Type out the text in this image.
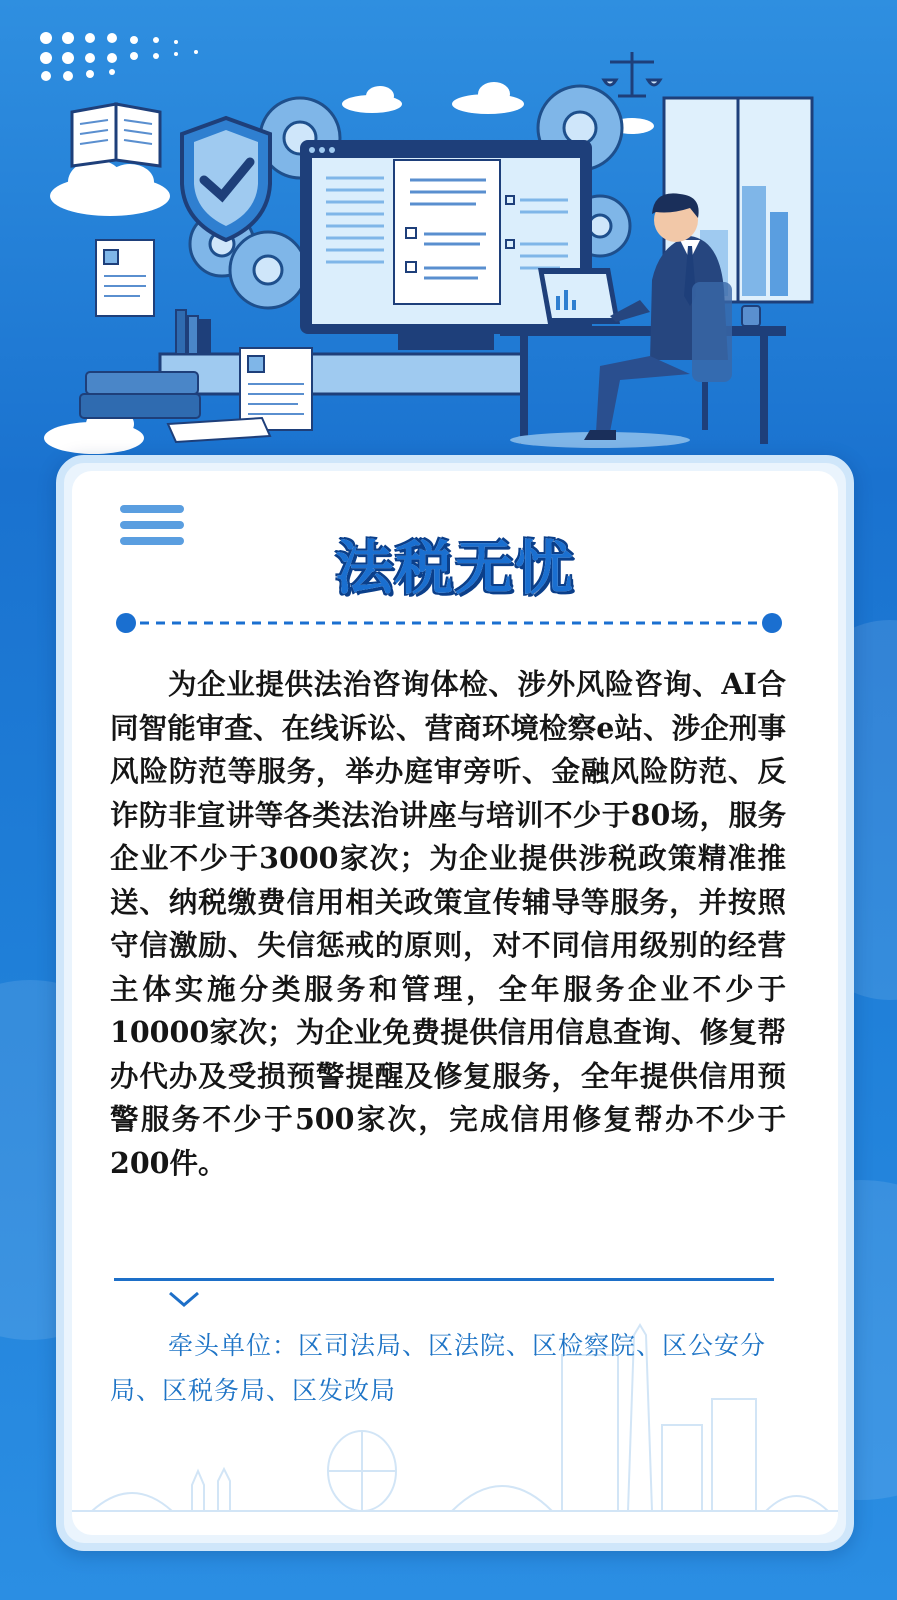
法税无忧

为企业提供法治咨询体检、涉外风险咨询、AI合同智能审查、在线诉讼、营商环境检察e站、涉企刑事风险防范等服务，举办庭审旁听、金融风险防范、反诈防非宣讲等各类法治讲座与培训不少于80场，服务企业不少于3000家次；为企业提供涉税政策精准推送、纳税缴费信用相关政策宣传辅导等服务，并按照守信激励、失信惩戒的原则，对不同信用级别的经营主体实施分类服务和管理，全年服务企业不少于10000家次；为企业免费提供信用信息查询、修复帮办代办及受损预警提醒及修复服务，全年提供信用预警服务不少于500家次，完成信用修复帮办不少于200件。

牵头单位：区司法局、区法院、区检察院、区公安分局、区税务局、区发改局
